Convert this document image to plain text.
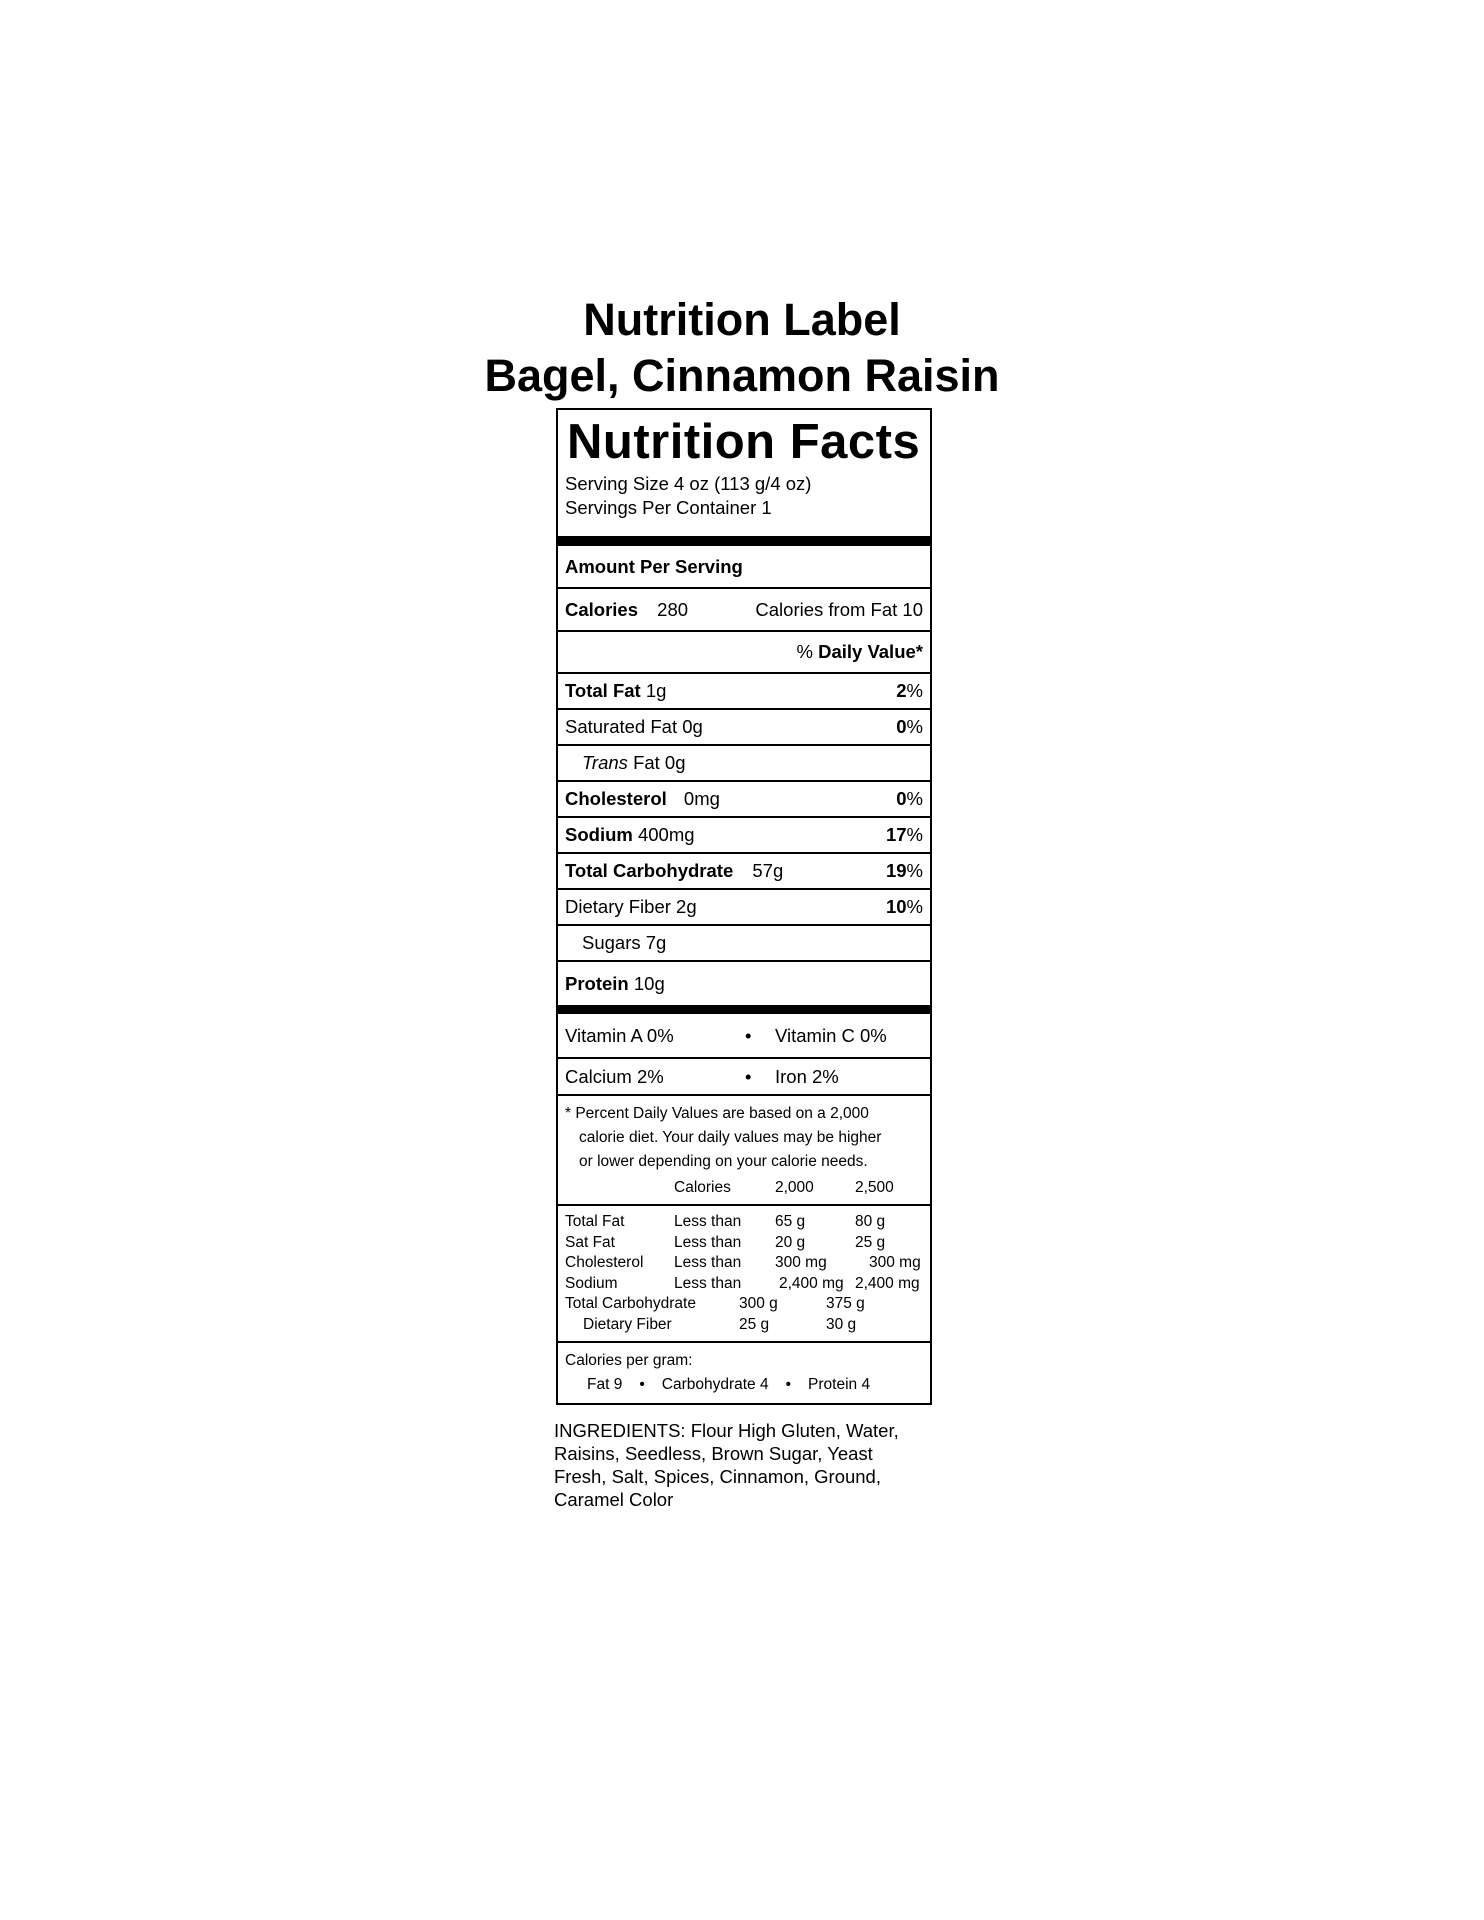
Nutrition Label
Bagel, Cinnamon Raisin
Nutrition Facts
Serving Size 4 oz (113 g/4 oz)
Servings Per Container 1
Amount Per Serving
Calories 280	Calories from Fat 10
% Daily Value*
Total Fat 1g	2%
Saturated Fat 0g	0%
Trans Fat 0g
Cholesterol 0mg	0%
Sodium 400mg	17%
Total Carbohydrate 57g	19%
Dietary Fiber 2g	10%
Sugars 7g
Protein 10g
Vitamin A 0%	•	Vitamin C 0%
Calcium 2%	•	Iron 2%
* Percent Daily Values are based on a 2,000
calorie diet. Your daily values may be higher
or lower depending on your calorie needs.
Calories	2,000	2,500
Total Fat	Less than	65 g	80 g
Sat Fat	Less than	20 g	25 g
Cholesterol	Less than	300 mg	300 mg
Sodium	Less than	2,400 mg 2,400 mg
Total Carbohydrate	300 g	375 g
Dietary Fiber	25 g	30 g
Calories per gram:
Fat 9 • Carbohydrate 4 • Protein 4
INGREDIENTS: Flour High Gluten, Water,
Raisins, Seedless, Brown Sugar, Yeast
Fresh, Salt, Spices, Cinnamon, Ground,
Caramel Color
